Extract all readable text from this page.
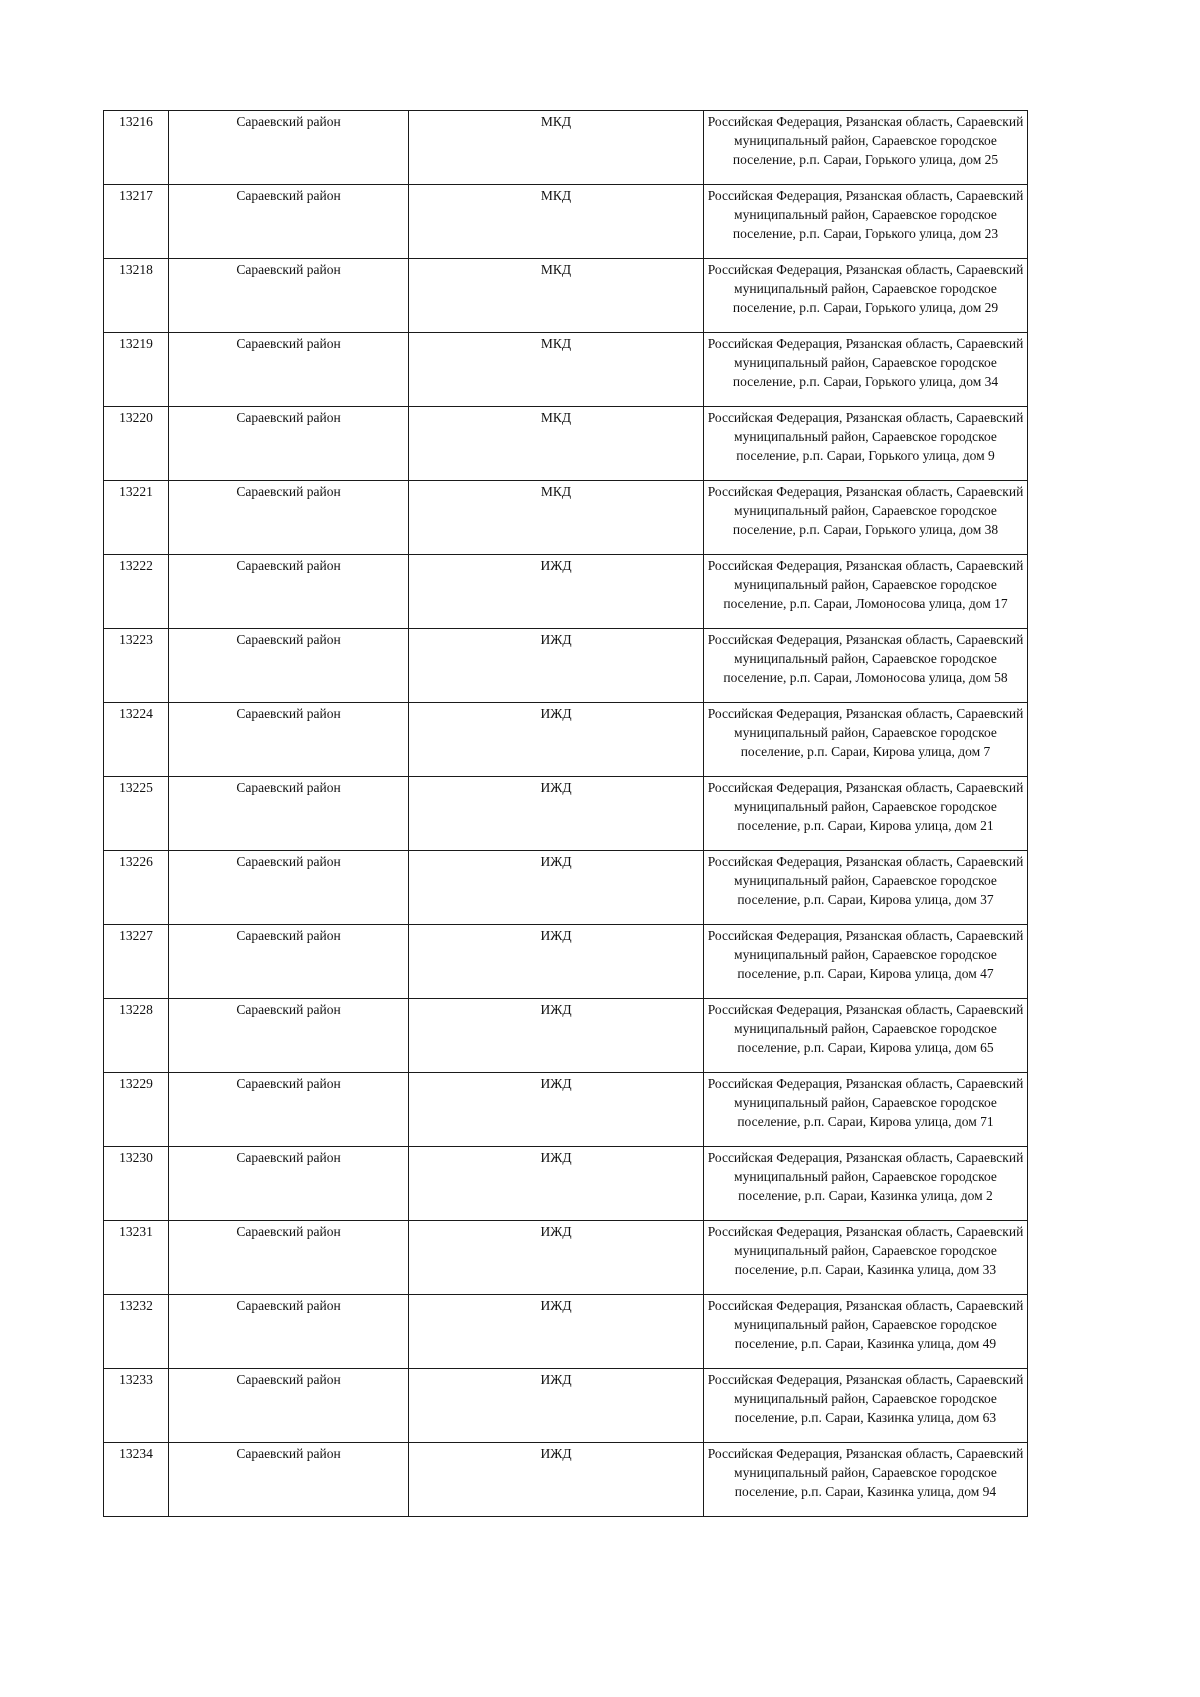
13216	Сараевский район	МКД	Российская Федерация, Рязанская область, Сараевский муниципальный район, Сараевское городское поселение, р.п. Сараи, Горького улица, дом 25
13217	Сараевский район	МКД	Российская Федерация, Рязанская область, Сараевский муниципальный район, Сараевское городское поселение, р.п. Сараи, Горького улица, дом 23
13218	Сараевский район	МКД	Российская Федерация, Рязанская область, Сараевский муниципальный район, Сараевское городское поселение, р.п. Сараи, Горького улица, дом 29
13219	Сараевский район	МКД	Российская Федерация, Рязанская область, Сараевский муниципальный район, Сараевское городское поселение, р.п. Сараи, Горького улица, дом 34
13220	Сараевский район	МКД	Российская Федерация, Рязанская область, Сараевский муниципальный район, Сараевское городское поселение, р.п. Сараи, Горького улица, дом 9
13221	Сараевский район	МКД	Российская Федерация, Рязанская область, Сараевский муниципальный район, Сараевское городское поселение, р.п. Сараи, Горького улица, дом 38
13222	Сараевский район	ИЖД	Российская Федерация, Рязанская область, Сараевский муниципальный район, Сараевское городское поселение, р.п. Сараи, Ломоносова улица, дом 17
13223	Сараевский район	ИЖД	Российская Федерация, Рязанская область, Сараевский муниципальный район, Сараевское городское поселение, р.п. Сараи, Ломоносова улица, дом 58
13224	Сараевский район	ИЖД	Российская Федерация, Рязанская область, Сараевский муниципальный район, Сараевское городское поселение, р.п. Сараи, Кирова улица, дом 7
13225	Сараевский район	ИЖД	Российская Федерация, Рязанская область, Сараевский муниципальный район, Сараевское городское поселение, р.п. Сараи, Кирова улица, дом 21
13226	Сараевский район	ИЖД	Российская Федерация, Рязанская область, Сараевский муниципальный район, Сараевское городское поселение, р.п. Сараи, Кирова улица, дом 37
13227	Сараевский район	ИЖД	Российская Федерация, Рязанская область, Сараевский муниципальный район, Сараевское городское поселение, р.п. Сараи, Кирова улица, дом 47
13228	Сараевский район	ИЖД	Российская Федерация, Рязанская область, Сараевский муниципальный район, Сараевское городское поселение, р.п. Сараи, Кирова улица, дом 65
13229	Сараевский район	ИЖД	Российская Федерация, Рязанская область, Сараевский муниципальный район, Сараевское городское поселение, р.п. Сараи, Кирова улица, дом 71
13230	Сараевский район	ИЖД	Российская Федерация, Рязанская область, Сараевский муниципальный район, Сараевское городское поселение, р.п. Сараи, Казинка улица, дом 2
13231	Сараевский район	ИЖД	Российская Федерация, Рязанская область, Сараевский муниципальный район, Сараевское городское поселение, р.п. Сараи, Казинка улица, дом 33
13232	Сараевский район	ИЖД	Российская Федерация, Рязанская область, Сараевский муниципальный район, Сараевское городское поселение, р.п. Сараи, Казинка улица, дом 49
13233	Сараевский район	ИЖД	Российская Федерация, Рязанская область, Сараевский муниципальный район, Сараевское городское поселение, р.п. Сараи, Казинка улица, дом 63
13234	Сараевский район	ИЖД	Российская Федерация, Рязанская область, Сараевский муниципальный район, Сараевское городское поселение, р.п. Сараи, Казинка улица, дом 94
